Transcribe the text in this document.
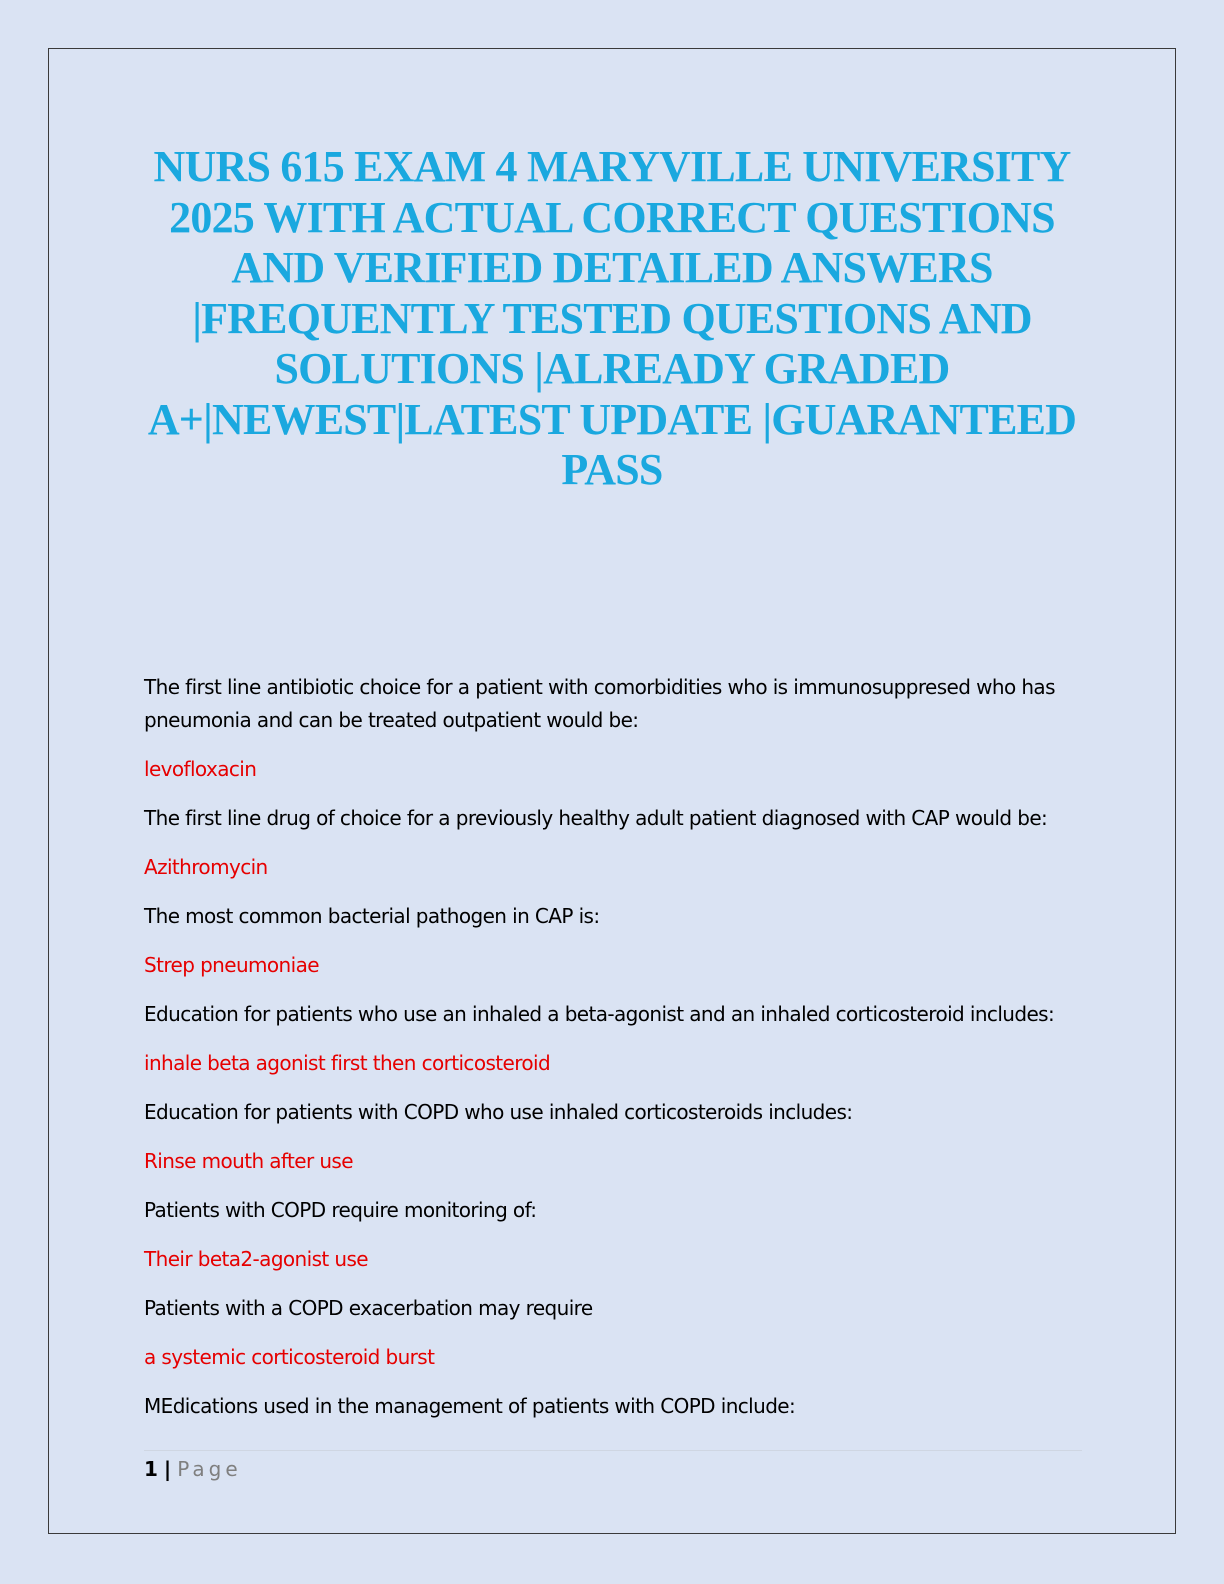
NURS 615 EXAM 4 MARYVILLE UNIVERSITY
2025 WITH ACTUAL CORRECT QUESTIONS
AND VERIFIED DETAILED ANSWERS
|FREQUENTLY TESTED QUESTIONS AND
SOLUTIONS |ALREADY GRADED
A+|NEWEST|LATEST UPDATE |GUARANTEED
PASS

The first line antibiotic choice for a patient with comorbidities who is immunosuppresed who has pneumonia and can be treated outpatient would be:

levofloxacin

The first line drug of choice for a previously healthy adult patient diagnosed with CAP would be:

Azithromycin

The most common bacterial pathogen in CAP is:

Strep pneumoniae

Education for patients who use an inhaled a beta-agonist and an inhaled corticosteroid includes:

inhale beta agonist first then corticosteroid

Education for patients with COPD who use inhaled corticosteroids includes:

Rinse mouth after use

Patients with COPD require monitoring of:

Their beta2-agonist use

Patients with a COPD exacerbation may require

a systemic corticosteroid burst

MEdications used in the management of patients with COPD include:

1 | Page
